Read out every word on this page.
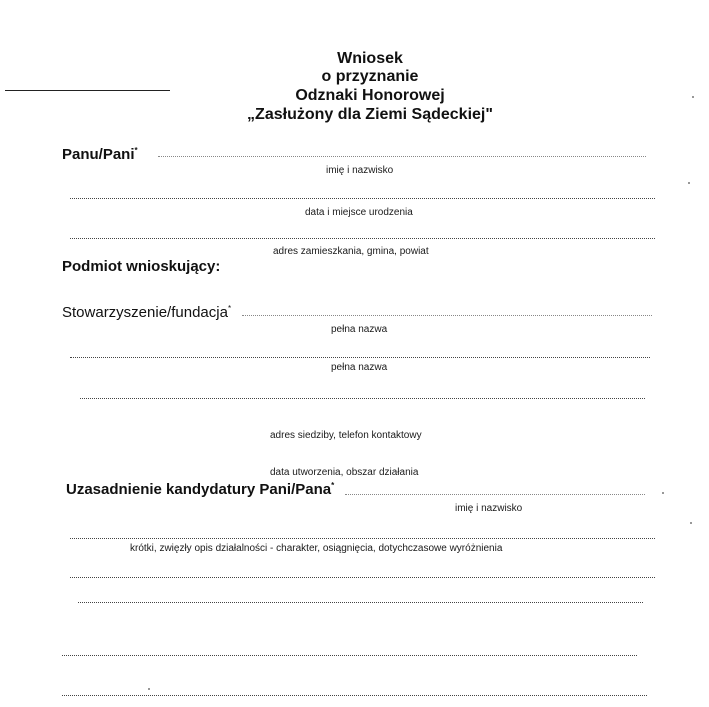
Wniosek
o przyznanie
Odznaki Honorowej
„Zasłużony dla Ziemi Sądeckiej"
Panu/Pani*
imię i nazwisko
data i miejsce urodzenia
adres zamieszkania, gmina, powiat
Podmiot wnioskujący:
Stowarzyszenie/fundacja*
pełna nazwa
pełna nazwa
adres siedziby, telefon kontaktowy
data utworzenia, obszar działania
Uzasadnienie kandydatury Pani/Pana*
imię i nazwisko
krótki, zwięzły opis działalności - charakter, osiągnięcia, dotychczasowe wyróżnienia
